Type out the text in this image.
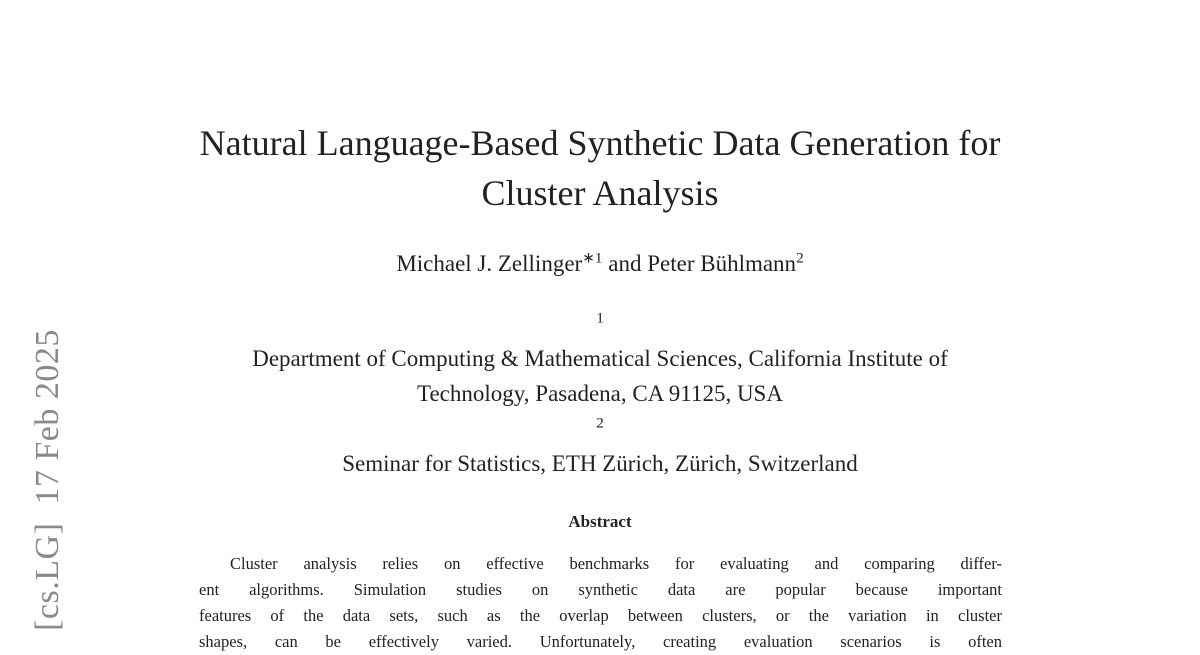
[cs.LG]17 Feb 2025
Natural Language-Based Synthetic Data Generation for
Cluster Analysis
Michael J. Zellinger$^{∗1}$ and Peter Bühlmann$^2$
$^1$
Department of Computing & Mathematical Sciences, California Institute of
Technology, Pasadena, CA 91125, USA
$^2$
Seminar for Statistics, ETH Zürich, Zürich, Switzerland
Abstract
Cluster analysis relies on effective benchmarks for evaluating and comparing differ-
ent algorithms. Simulation studies on synthetic data are popular because important
features of the data sets, such as the overlap between clusters, or the variation in cluster
shapes, can be effectively varied. Unfortunately, creating evaluation scenarios is often
